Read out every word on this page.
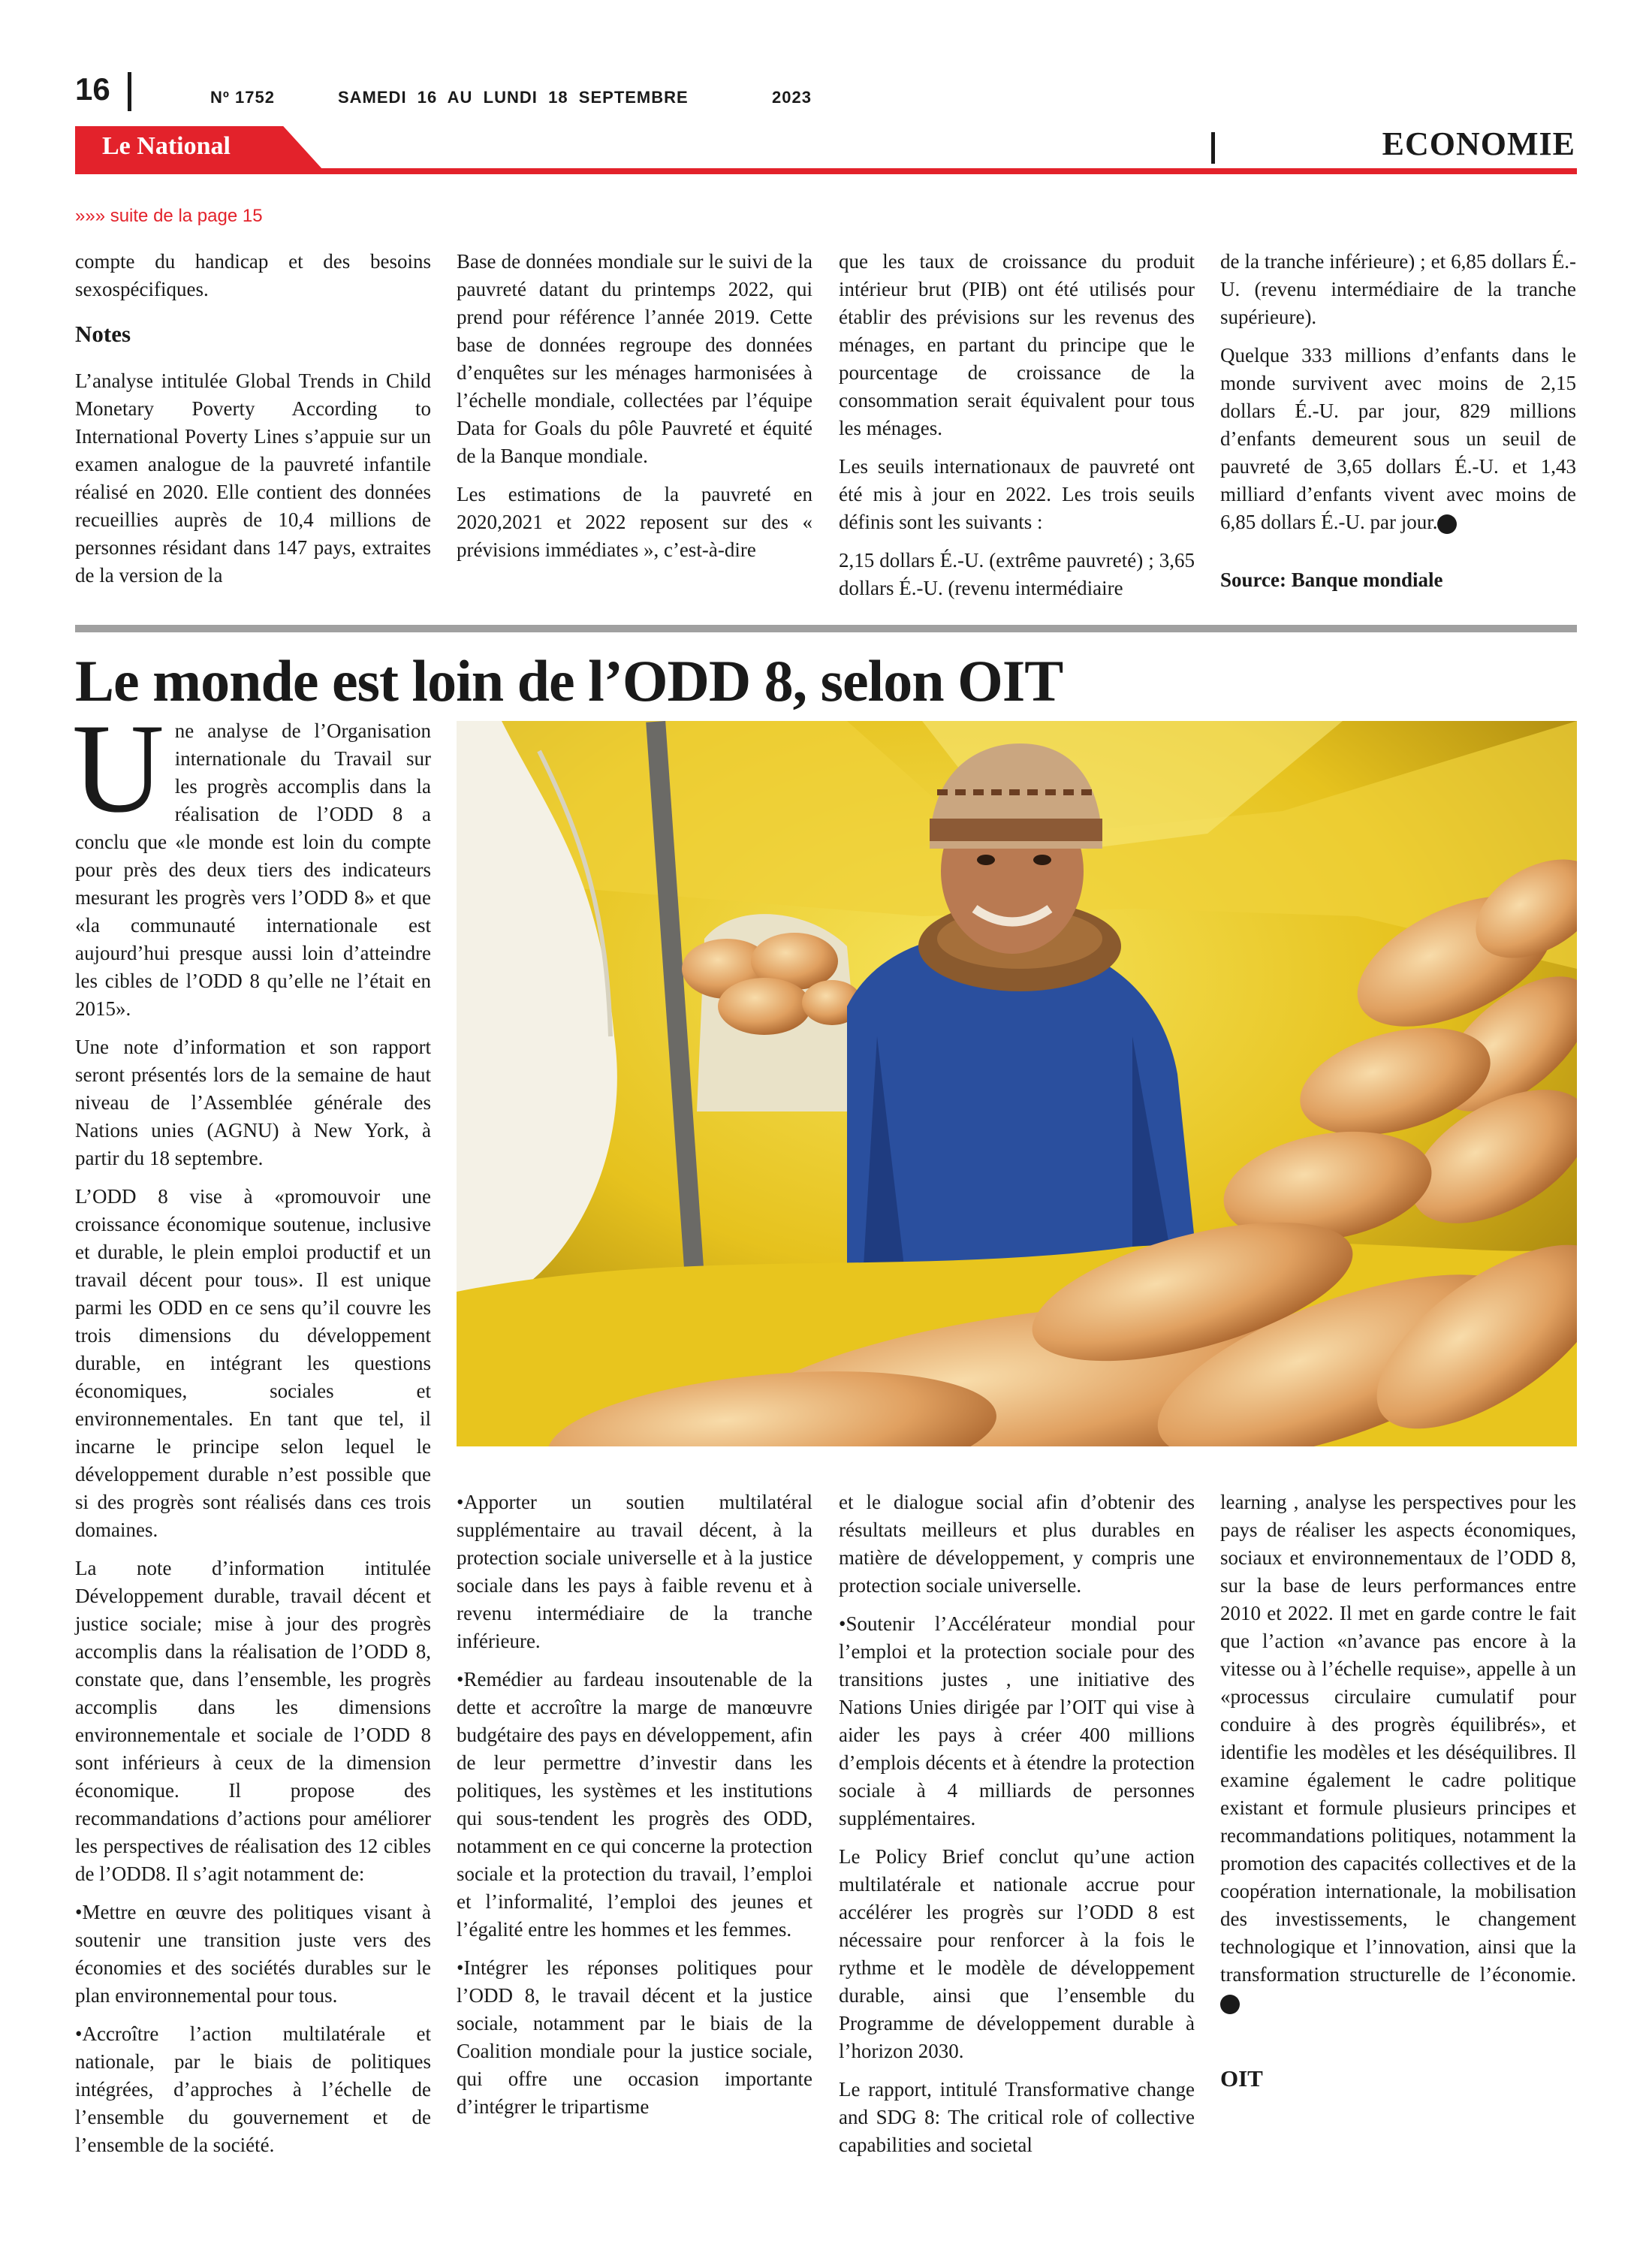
16	Nº 1752	SAMEDI  16  AU  LUNDI  18  SEPTEMBRE	2023
Le National	ECONOMIE
»»» suite de la page 15

compte du handicap et des besoins sexospécifiques.

Notes

L’analyse intitulée Global Trends in Child Monetary Poverty According to International Poverty Lines s’appuie sur un examen analogue de la pauvreté infantile réalisé en 2020. Elle contient des données recueillies auprès de 10,4 millions de personnes résidant dans 147 pays, extraites de la version de la

Base de données mondiale sur le suivi de la pauvreté datant du printemps 2022, qui prend pour référence l’année 2019. Cette base de données regroupe des données d’enquêtes sur les ménages harmonisées à l’échelle mondiale, collectées par l’équipe Data for Goals du pôle Pauvreté et équité de la Banque mondiale.

Les estimations de la pauvreté en 2020,2021 et 2022 reposent sur des « prévisions immédiates », c’est-à-dire

que les taux de croissance du produit intérieur brut (PIB) ont été utilisés pour établir des prévisions sur les revenus des ménages, en partant du principe que le pourcentage de croissance de la consommation serait équivalent pour tous les ménages.

Les seuils internationaux de pauvreté ont été mis à jour en 2022. Les trois seuils définis sont les suivants :

2,15 dollars É.-U. (extrême pauvreté) ; 3,65 dollars É.-U. (revenu intermédiaire

de la tranche inférieure) ; et 6,85 dollars É.-U. (revenu intermédiaire de la tranche supérieure).

Quelque 333 millions d’enfants dans le monde survivent avec moins de 2,15 dollars É.-U. par jour, 829 millions d’enfants demeurent sous un seuil de pauvreté de 3,65 dollars É.-U. et 1,43 milliard d’enfants vivent avec moins de 6,85 dollars É.-U. par jour.

Source: Banque mondiale

Le monde est loin de l’ODD 8, selon OIT

Une analyse de l’Organisation internationale du Travail sur les progrès accomplis dans la réalisation de l’ODD 8 a conclu que «le monde est loin du compte pour près des deux tiers des indicateurs mesurant les progrès vers l’ODD 8» et que «la communauté internationale est aujourd’hui presque aussi loin d’atteindre les cibles de l’ODD 8 qu’elle ne l’était en 2015».

Une note d’information et son rapport seront présentés lors de la semaine de haut niveau de l’Assemblée générale des Nations unies (AGNU) à New York, à partir du 18 septembre.

L’ODD 8 vise à «promouvoir une croissance économique soutenue, inclusive et durable, le plein emploi productif et un travail décent pour tous». Il est unique parmi les ODD en ce sens qu’il couvre les trois dimensions du développement durable, en intégrant les questions économiques, sociales et environnementales. En tant que tel, il incarne le principe selon lequel le développement durable n’est possible que si des progrès sont réalisés dans ces trois domaines.

La note d’information intitulée Développement durable, travail décent et justice sociale; mise à jour des progrès accomplis dans la réalisation de l’ODD 8, constate que, dans l’ensemble, les progrès accomplis dans les dimensions environnementale et sociale de l’ODD 8 sont inférieurs à ceux de la dimension économique. Il propose des recommandations d’actions pour améliorer les perspectives de réalisation des 12 cibles de l’ODD8. Il s’agit notamment de:

•Mettre en œuvre des politiques visant à soutenir une transition juste vers des économies et des sociétés durables sur le plan environnemental pour tous.

•Accroître l’action multilatérale et nationale, par le biais de politiques intégrées, d’approches à l’échelle de l’ensemble du gouvernement et de l’ensemble de la société.

•Apporter un soutien multilatéral supplémentaire au travail décent, à la protection sociale universelle et à la justice sociale dans les pays à faible revenu et à revenu intermédiaire de la tranche inférieure.

•Remédier au fardeau insoutenable de la dette et accroître la marge de manœuvre budgétaire des pays en développement, afin de leur permettre d’investir dans les politiques, les systèmes et les institutions qui sous-tendent les progrès des ODD, notamment en ce qui concerne la protection sociale et la protection du travail, l’emploi et l’informalité, l’emploi des jeunes et l’égalité entre les hommes et les femmes.

•Intégrer les réponses politiques pour l’ODD 8, le travail décent et la justice sociale, notamment par le biais de la Coalition mondiale pour la justice sociale, qui offre une occasion importante d’intégrer le tripartisme

et le dialogue social afin d’obtenir des résultats meilleurs et plus durables en matière de développement, y compris une protection sociale universelle.

•Soutenir l’Accélérateur mondial pour l’emploi et la protection sociale pour des transitions justes , une initiative des Nations Unies dirigée par l’OIT qui vise à aider les pays à créer 400 millions d’emplois décents et à étendre la protection sociale à 4 milliards de personnes supplémentaires.

Le Policy Brief conclut qu’une action multilatérale et nationale accrue pour accélérer les progrès sur l’ODD 8 est nécessaire pour renforcer à la fois le rythme et le modèle de développement durable, ainsi que l’ensemble du Programme de développement durable à l’horizon 2030.

Le rapport, intitulé Transformative change and SDG 8: The critical role of collective capabilities and societal

learning , analyse les perspectives pour les pays de réaliser les aspects économiques, sociaux et environnementaux de l’ODD 8, sur la base de leurs performances entre 2010 et 2022. Il met en garde contre le fait que l’action «n’avance pas encore à la vitesse ou à l’échelle requise», appelle à un «processus circulaire cumulatif pour conduire à des progrès équilibrés», et identifie les modèles et les déséquilibres. Il examine également le cadre politique existant et formule plusieurs principes et recommandations politiques, notamment la promotion des capacités collectives et de la coopération internationale, la mobilisation des investissements, le changement technologique et l’innovation, ainsi que la transformation structurelle de l’économie.

OIT
